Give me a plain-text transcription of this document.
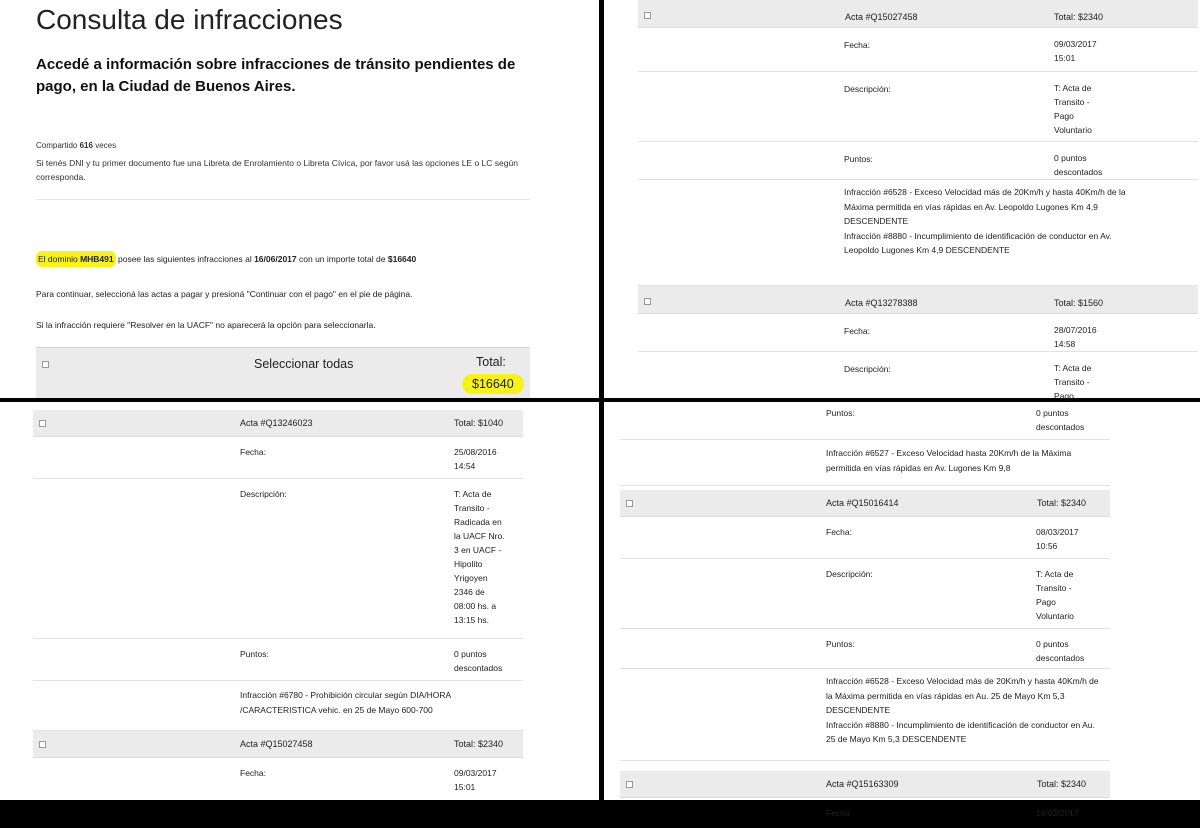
Consulta de infracciones
Accedé a información sobre infracciones de tránsito pendientes de pago, en la Ciudad de Buenos Aires.
Compartido 616 veces
Si tenés DNI y tu primer documento fue una Libreta de Enrolamiento o Libreta Cívica, por favor usá las opciones LE o LC según corresponda.
El dominio MHB491 posee las siguientes infracciones al 16/06/2017 con un importe total de $16640
Para continuar, seleccioná las actas a pagar y presioná "Continuar con el pago" en el pie de página.
Si la infracción requiere "Resolver en la UACF" no aparecerá la opción para seleccionarla.
Seleccionar todas	Total:
$16640
Acta #Q15027458	Total: $2340
Fecha:	09/03/2017
15:01
Descripción:	T: Acta de
Transito -
Pago
Voluntario
Puntos:	0 puntos
descontados
Infracción #6528 - Exceso Velocidad más de 20Km/h y hasta 40Km/h de la Máxima permitida en vías rápidas en Av. Leopoldo Lugones Km 4,9 DESCENDENTE
Infracción #8880 - Incumplimiento de identificación de conductor en Av. Leopoldo Lugones Km 4,9 DESCENDENTE
Acta #Q13278388	Total: $1560
Fecha:	28/07/2016
14:58
Descripción:	T: Acta de
Transito -
Pago
Acta #Q13246023	Total: $1040
Fecha:	25/08/2016
14:54
Descripción:	T: Acta de
Transito -
Radicada en
la UACF Nro.
3 en UACF -
Hipolito
Yrigoyen
2346 de
08:00 hs. a
13:15 hs.
Puntos:	0 puntos
descontados
Infracción #6780 - Prohibición circular según DIA/HORA /CARACTERISTICA vehic. en 25 de Mayo 600-700
Acta #Q15027458	Total: $2340
Fecha:	09/03/2017
15:01
Puntos:	0 puntos
descontados
Infracción #6527 - Exceso Velocidad hasta 20Km/h de la Máxima permitida en vías rápidas en Av. Lugones Km 9,8
Acta #Q15016414	Total: $2340
Fecha:	08/03/2017
10:56
Descripción:	T: Acta de
Transito -
Pago
Voluntario
Puntos:	0 puntos
descontados
Infracción #6528 - Exceso Velocidad más de 20Km/h y hasta 40Km/h de la Máxima permitida en vías rápidas en Au. 25 de Mayo Km 5,3 DESCENDENTE
Infracción #8880 - Incumplimiento de identificación de conductor en Au. 25 de Mayo Km 5,3 DESCENDENTE
Acta #Q15163309	Total: $2340
Fecha:	14/03/2017
